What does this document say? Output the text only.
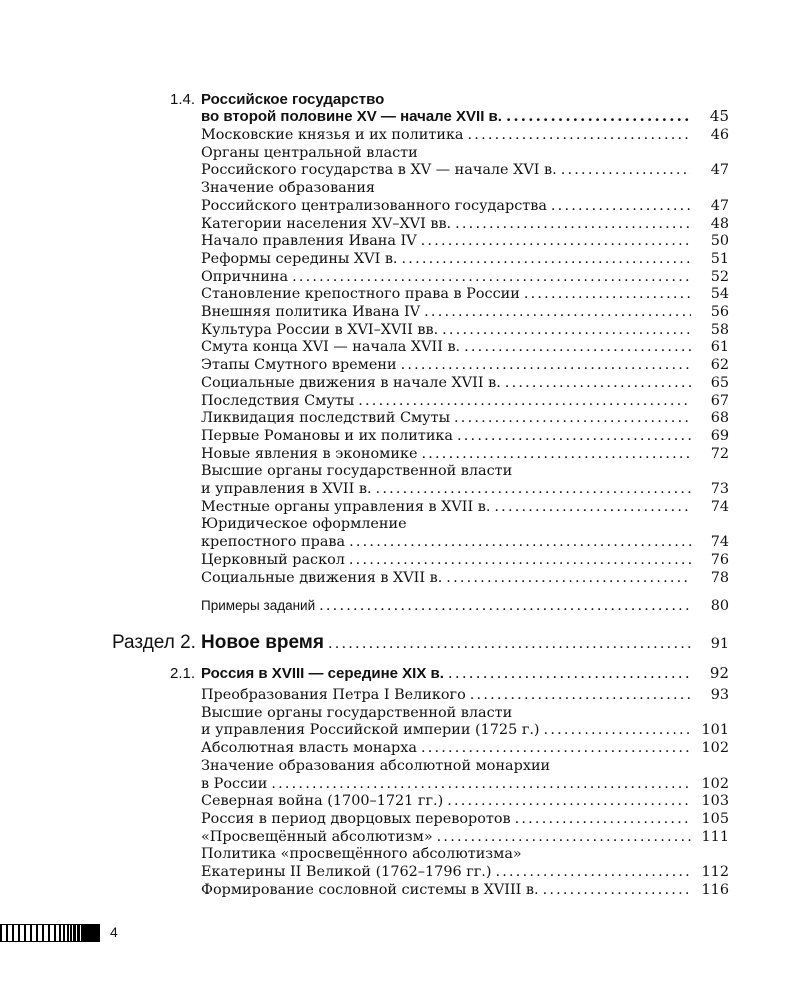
1.4. Российское государство
во второй половине XV — начале XVII в. .....	45
Московские князья и их политика .....	46
Органы центральной власти
Российского государства в XV — начале XVI в. .....	47
Значение образования
Российского централизованного государства .....	47
Категории населения XV–XVI вв. .....	48
Начало правления Ивана IV .....	50
Реформы середины XVI в. .....	51
Опричнина .....	52
Становление крепостного права в России .....	54
Внешняя политика Ивана IV .....	56
Культура России в XVI–XVII вв. .....	58
Смута конца XVI — начала XVII в. .....	61
Этапы Смутного времени .....	62
Социальные движения в начале XVII в. .....	65
Последствия Смуты .....	67
Ликвидация последствий Смуты .....	68
Первые Романовы и их политика .....	69
Новые явления в экономике .....	72
Высшие органы государственной власти
и управления в XVII в. .....	73
Местные органы управления в XVII в. .....	74
Юридическое оформление
крепостного права .....	74
Церковный раскол .....	76
Социальные движения в XVII в. .....	78
Примеры заданий .....	80
Раздел 2. Новое время .....	91
2.1. Россия в XVIII — середине XIX в. .....	92
Преобразования Петра I Великого .....	93
Высшие органы государственной власти
и управления Российской империи (1725 г.) .....	101
Абсолютная власть монарха .....	102
Значение образования абсолютной монархии
в России .....	102
Северная война (1700–1721 гг.) .....	103
Россия в период дворцовых переворотов .....	105
«Просвещённый абсолютизм» .....	111
Политика «просвещённого абсолютизма»
Екатерины II Великой (1762–1796 гг.) .....	112
Формирование сословной системы в XVIII в. .....	116
4
